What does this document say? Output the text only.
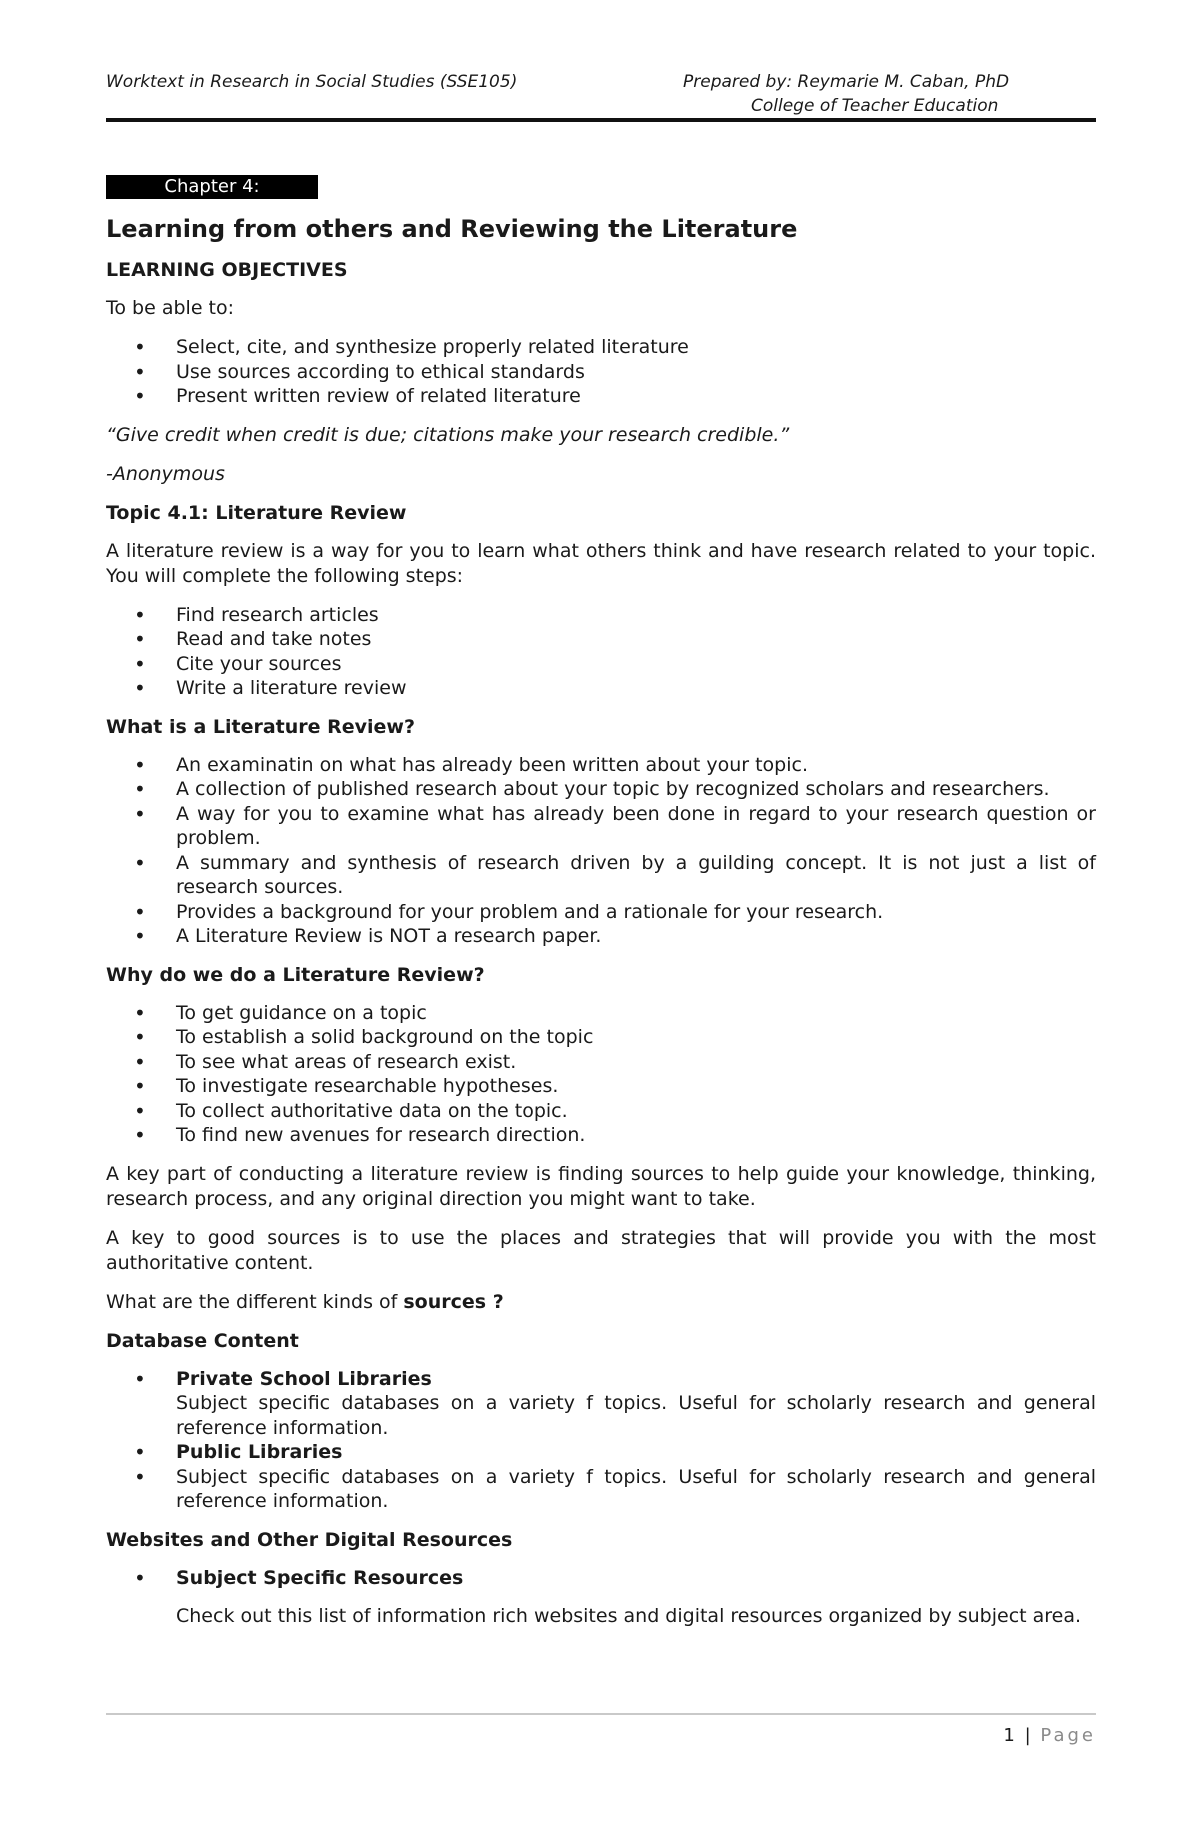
Worktext in Research in Social Studies (SSE105)	Prepared by: Reymarie M. Caban, PhD
College of Teacher Education
Chapter 4:
Learning from others and Reviewing the Literature
LEARNING OBJECTIVES

To be able to:

• Select, cite, and synthesize properly related literature
• Use sources according to ethical standards
• Present written review of related literature
“Give credit when credit is due; citations make your research credible.”
-Anonymous
Topic 4.1: Literature Review

A literature review is a way for you to learn what others think and have research related to your topic. You will complete the following steps:

• Find research articles
• Read and take notes
• Cite your sources
• Write a literature review
What is a Literature Review?
• An examinatin on what has already been written about your topic.
• A collection of published research about your topic by recognized scholars and researchers.
• A way for you to examine what has already been done in regard to your research question or problem.
• A summary and synthesis of research driven by a guilding concept. It is not just a list of research sources.
• Provides a background for your problem and a rationale for your research.
• A Literature Review is NOT a research paper.
Why do we do a Literature Review?
• To get guidance on a topic
• To establish a solid background on the topic
• To see what areas of research exist.
• To investigate researchable hypotheses.
• To collect authoritative data on the topic.
• To find new avenues for research direction.

A key part of conducting a literature review is finding sources to help guide your knowledge, thinking, research process, and any original direction you might want to take.

A key to good sources is to use the places and strategies that will provide you with the most authoritative content.

What are the different kinds of sources ?

Database Content
• Private School Libraries
Subject specific databases on a variety f topics. Useful for scholarly research and general reference information.
• Public Libraries
• Subject specific databases on a variety f topics. Useful for scholarly research and general reference information.
Websites and Other Digital Resources
• Subject Specific Resources

Check out this list of information rich websites and digital resources organized by subject area.

1 | Page
